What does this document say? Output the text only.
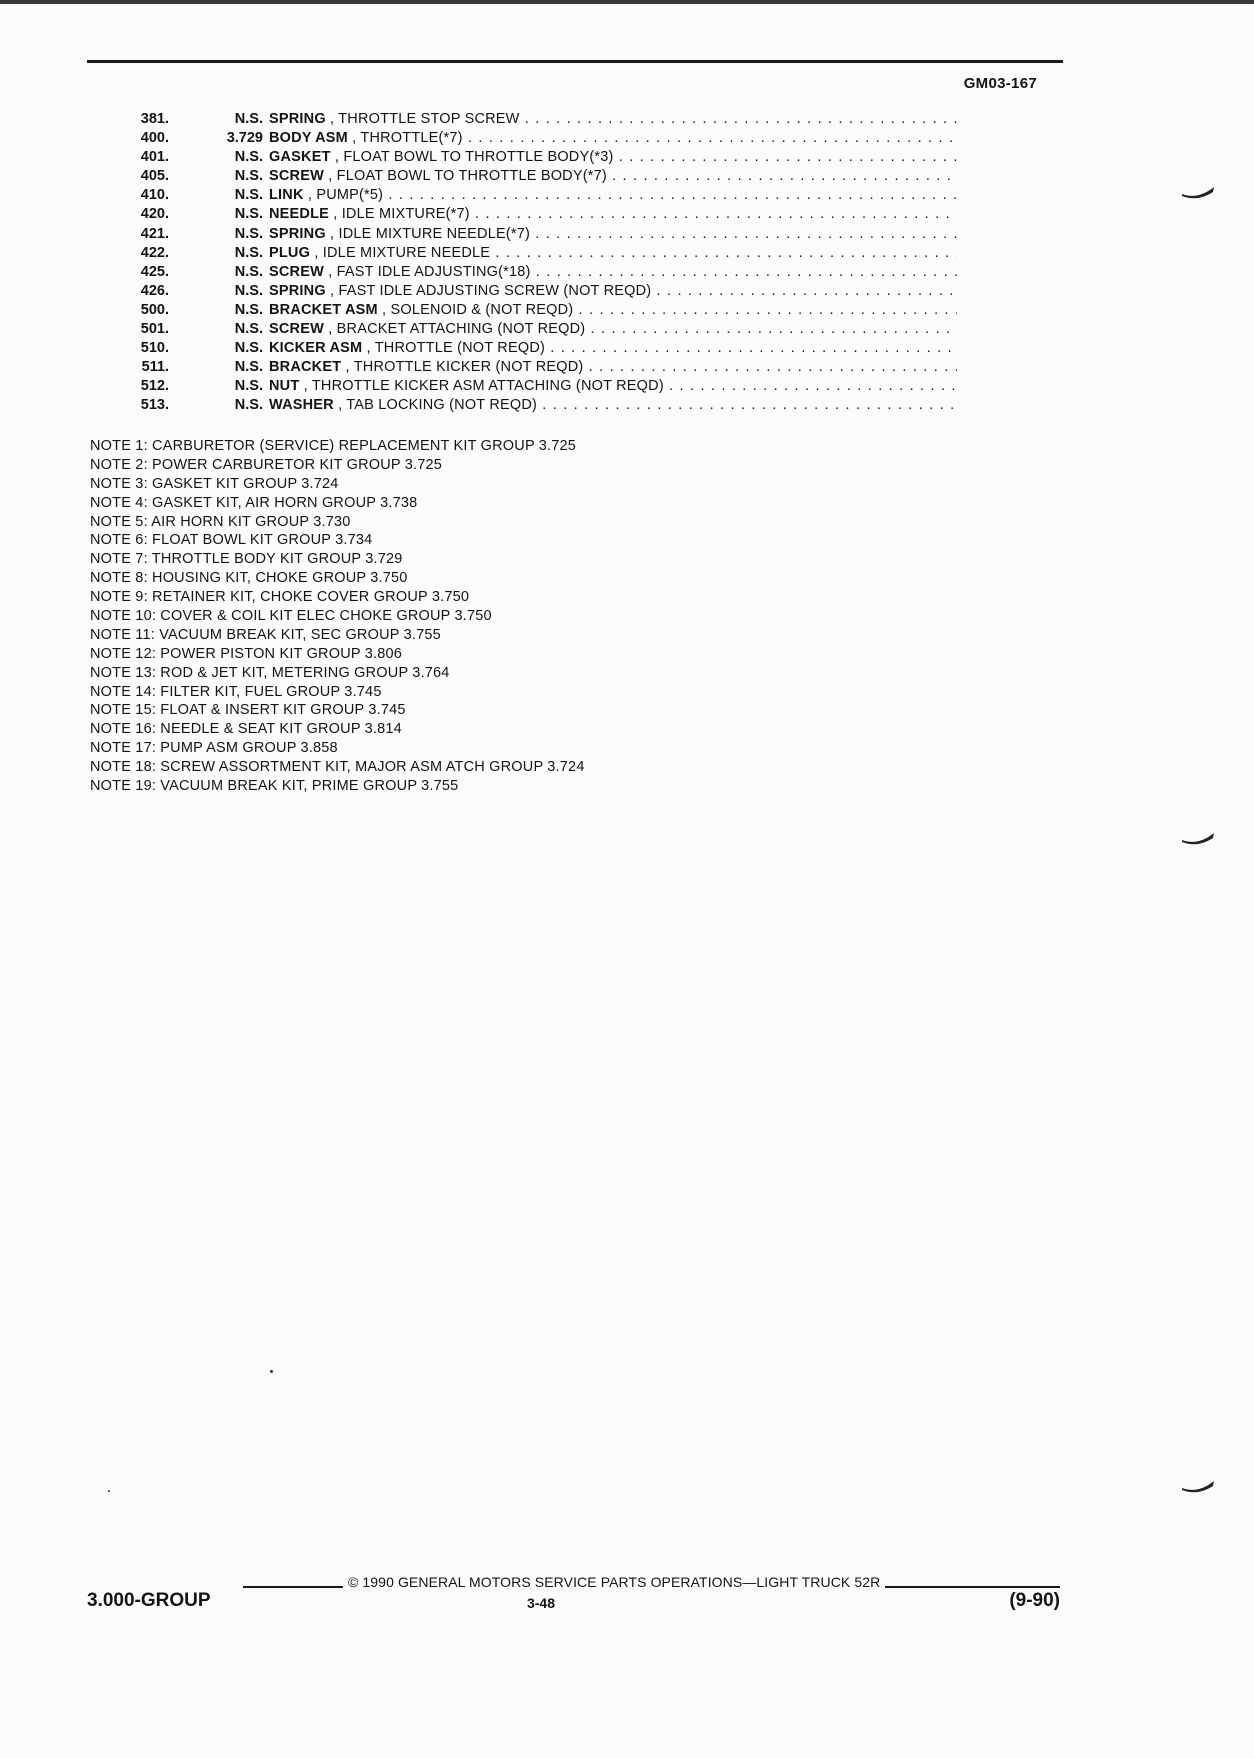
GM03-167
381.	N.S. SPRING , THROTTLE STOP SCREW . . .
400.	3.729 BODY ASM , THROTTLE(*7) . . .
401.	N.S. GASKET , FLOAT BOWL TO THROTTLE BODY(*3) . . .
405.	N.S. SCREW , FLOAT BOWL TO THROTTLE BODY(*7) . . .
410.	N.S. LINK , PUMP(*5) . . .
420.	N.S. NEEDLE , IDLE MIXTURE(*7) . . .
421.	N.S. SPRING , IDLE MIXTURE NEEDLE(*7) . . .
422.	N.S. PLUG , IDLE MIXTURE NEEDLE . . .
425.	N.S. SCREW , FAST IDLE ADJUSTING(*18) . . .
426.	N.S. SPRING , FAST IDLE ADJUSTING SCREW (NOT REQD) . . .
500.	N.S. BRACKET ASM , SOLENOID & (NOT REQD) . . .
501.	N.S. SCREW , BRACKET ATTACHING (NOT REQD) . . .
510.	N.S. KICKER ASM , THROTTLE (NOT REQD) . . .
511.	N.S. BRACKET , THROTTLE KICKER (NOT REQD) . . .
512.	N.S. NUT , THROTTLE KICKER ASM ATTACHING (NOT REQD) . . .
513.	N.S. WASHER , TAB LOCKING (NOT REQD) . . .
NOTE 1: CARBURETOR (SERVICE) REPLACEMENT KIT GROUP 3.725
NOTE 2: POWER CARBURETOR KIT GROUP 3.725
NOTE 3: GASKET KIT GROUP 3.724
NOTE 4: GASKET KIT, AIR HORN GROUP 3.738
NOTE 5: AIR HORN KIT GROUP 3.730
NOTE 6: FLOAT BOWL KIT GROUP 3.734
NOTE 7: THROTTLE BODY KIT GROUP 3.729
NOTE 8: HOUSING KIT, CHOKE GROUP 3.750
NOTE 9: RETAINER KIT, CHOKE COVER GROUP 3.750
NOTE 10: COVER & COIL KIT ELEC CHOKE GROUP 3.750
NOTE 11: VACUUM BREAK KIT, SEC GROUP 3.755
NOTE 12: POWER PISTON KIT GROUP 3.806
NOTE 13: ROD & JET KIT, METERING GROUP 3.764
NOTE 14: FILTER KIT, FUEL GROUP 3.745
NOTE 15: FLOAT & INSERT KIT GROUP 3.745
NOTE 16: NEEDLE & SEAT KIT GROUP 3.814
NOTE 17: PUMP ASM GROUP 3.858
NOTE 18: SCREW ASSORTMENT KIT, MAJOR ASM ATCH GROUP 3.724
NOTE 19: VACUUM BREAK KIT, PRIME GROUP 3.755
© 1990 GENERAL MOTORS SERVICE PARTS OPERATIONS—LIGHT TRUCK 52R
3.000-GROUP	3-48	(9-90)
